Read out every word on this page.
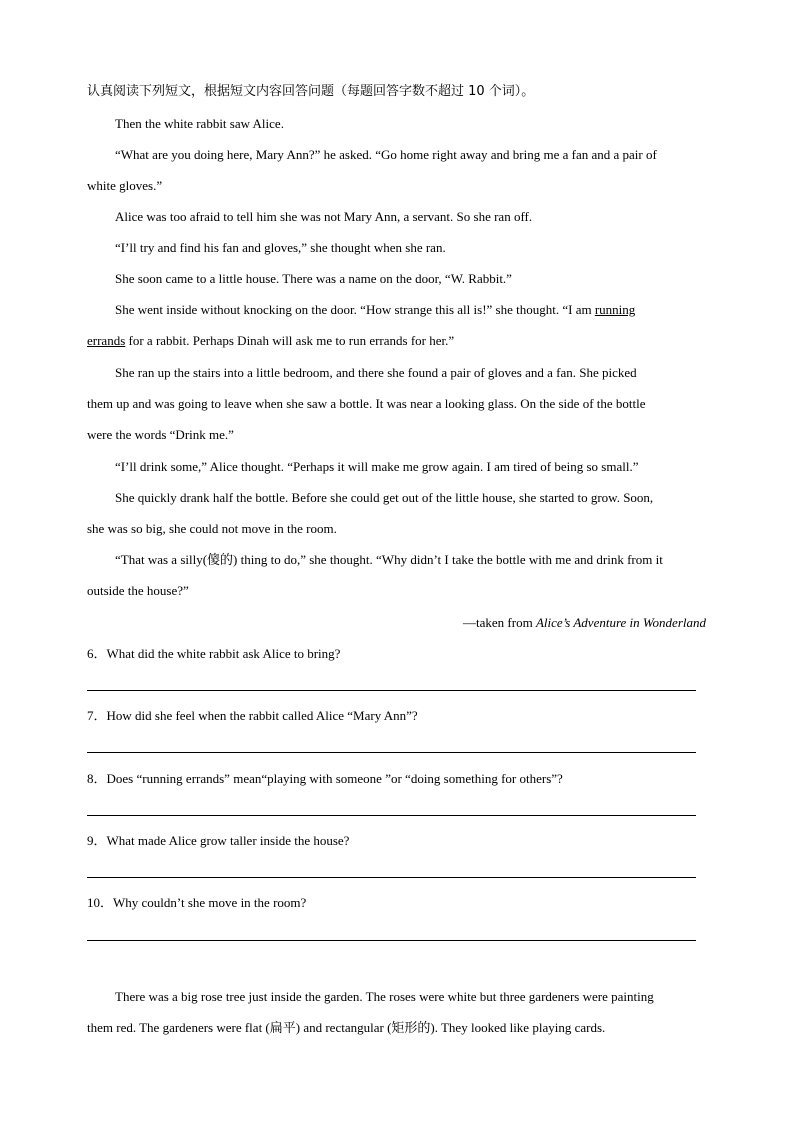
认真阅读下列短文，根据短文内容回答问题（每题回答字数不超过 10 个词）。
Then the white rabbit saw Alice.
“What are you doing here, Mary Ann?” he asked. “Go home right away and bring me a fan and a pair of
white gloves.”
Alice was too afraid to tell him she was not Mary Ann, a servant. So she ran off.
“I’ll try and find his fan and gloves,” she thought when she ran.
She soon came to a little house. There was a name on the door, “W. Rabbit.”
She went inside without knocking on the door. “How strange this all is!” she thought. “I am running
errands for a rabbit. Perhaps Dinah will ask me to run errands for her.”
She ran up the stairs into a little bedroom, and there she found a pair of gloves and a fan. She picked
them up and was going to leave when she saw a bottle. It was near a looking glass. On the side of the bottle
were the words “Drink me.”
“I’ll drink some,” Alice thought. “Perhaps it will make me grow again. I am tired of being so small.”
She quickly drank half the bottle. Before she could get out of the little house, she started to grow. Soon,
she was so big, she could not move in the room.
“That was a silly(傻的) thing to do,” she thought. “Why didn’t I take the bottle with me and drink from it
outside the house?”
—taken from Alice’s Adventure in Wonderland
6．What did the white rabbit ask Alice to bring?
7．How did she feel when the rabbit called Alice “Mary Ann”?
8．Does “running errands” mean“playing with someone ”or “doing something for others”?
9．What made Alice grow taller inside the house?
10．Why couldn’t she move in the room?
There was a big rose tree just inside the garden. The roses were white but three gardeners were painting
them red. The gardeners were flat (扁平) and rectangular (矩形的). They looked like playing cards.
